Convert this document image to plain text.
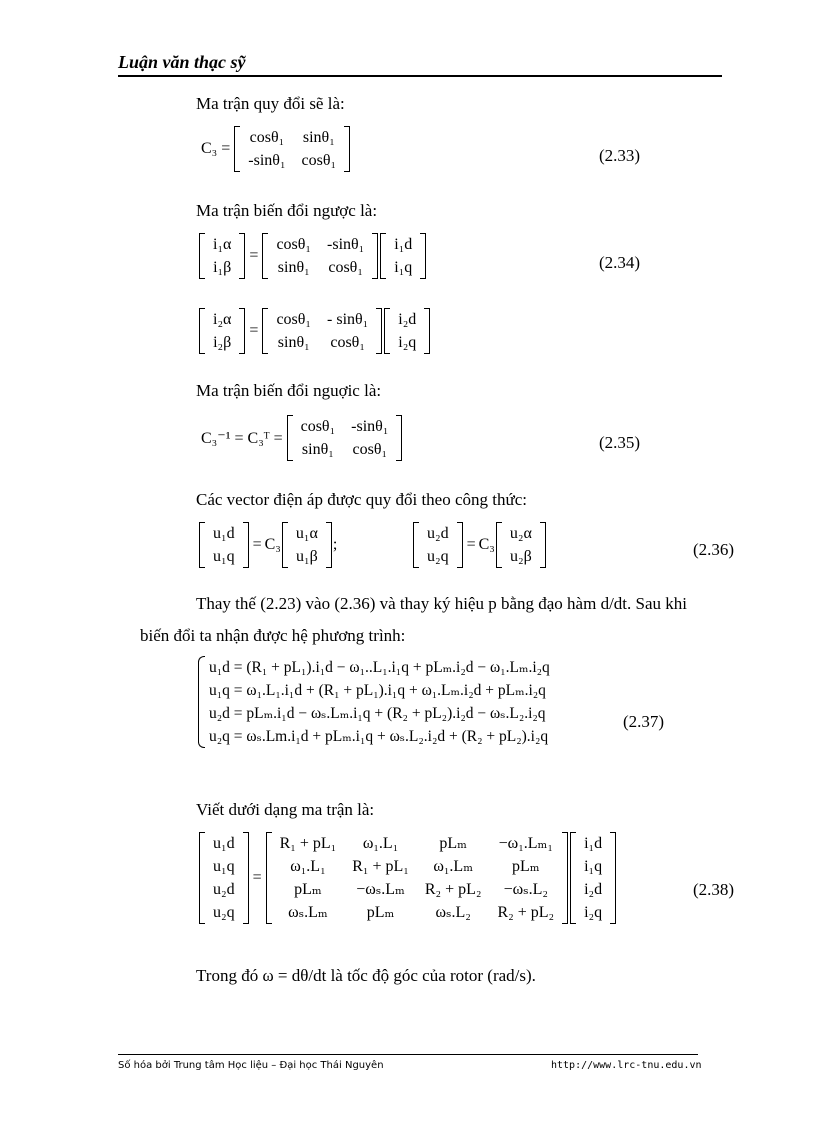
Luận văn thạc sỹ
Ma trận quy đổi sẽ là:
C₃ =
cosθ₁	sinθ₁
-sinθ₁	cosθ₁	(2.33)
Ma trận biến đổi ngược là:
i₁α
i₁β
=
cosθ₁	-sinθ₁
sinθ₁	cosθ₁
i₁d
i₁q	(2.34)
i₂α
i₂β
=
cosθ₁	- sinθ₁
sinθ₁	cosθ₁
i₂d
i₂q
Ma trận biến đổi nguợic là:
C₃⁻¹ = C₃ᵀ =
cosθ₁	-sinθ₁
sinθ₁	cosθ₁	(2.35)
Các vector điện áp được quy đổi theo công thức:
u₁d
u₁q
= C₃
u₁α
u₁β
;
u₂d
u₂q
= C₃
u₂α
u₂β	(2.36)
Thay thế (2.23) vào (2.36) và thay ký hiệu p bằng đạo hàm d/dt. Sau khi
biến đổi ta nhận được hệ phương trình:
u₁d = (R₁ + pL₁).i₁d − ω₁..L₁.i₁q + pLₘ.i₂d − ω₁.Lₘ.i₂q
u₁q = ω₁.L₁.i₁d + (R₁ + pL₁).i₁q + ω₁.Lₘ.i₂d + pLₘ.i₂q
u₂d = pLₘ.i₁d − ωₛ.Lₘ.i₁q + (R₂ + pL₂).i₂d − ωₛ.L₂.i₂q
u₂q = ωₛ.Lm.i₁d + pLₘ.i₁q + ωₛ.L₂.i₂d + (R₂ + pL₂).i₂q
(2.37)
Viết dưới dạng ma trận là:
u₁d
u₁q
u₂d
u₂q
=
R₁ + pL₁	ω₁.L₁	pLₘ	−ω₁.Lₘ₁
ω₁.L₁	R₁ + pL₁	ω₁.Lₘ	pLₘ
pLₘ	−ωₛ.Lₘ	R₂ + pL₂	−ωₛ.L₂
ωₛ.Lₘ	pLₘ	ωₛ.L₂	R₂ + pL₂
i₁d
i₁q
i₂d
i₂q
(2.38)
Trong đó ω = dθ/dt là tốc độ góc của rotor (rad/s).
Số hóa bởi Trung tâm Học liệu – Đại học Thái Nguyên	http://www.lrc-tnu.edu.vn
